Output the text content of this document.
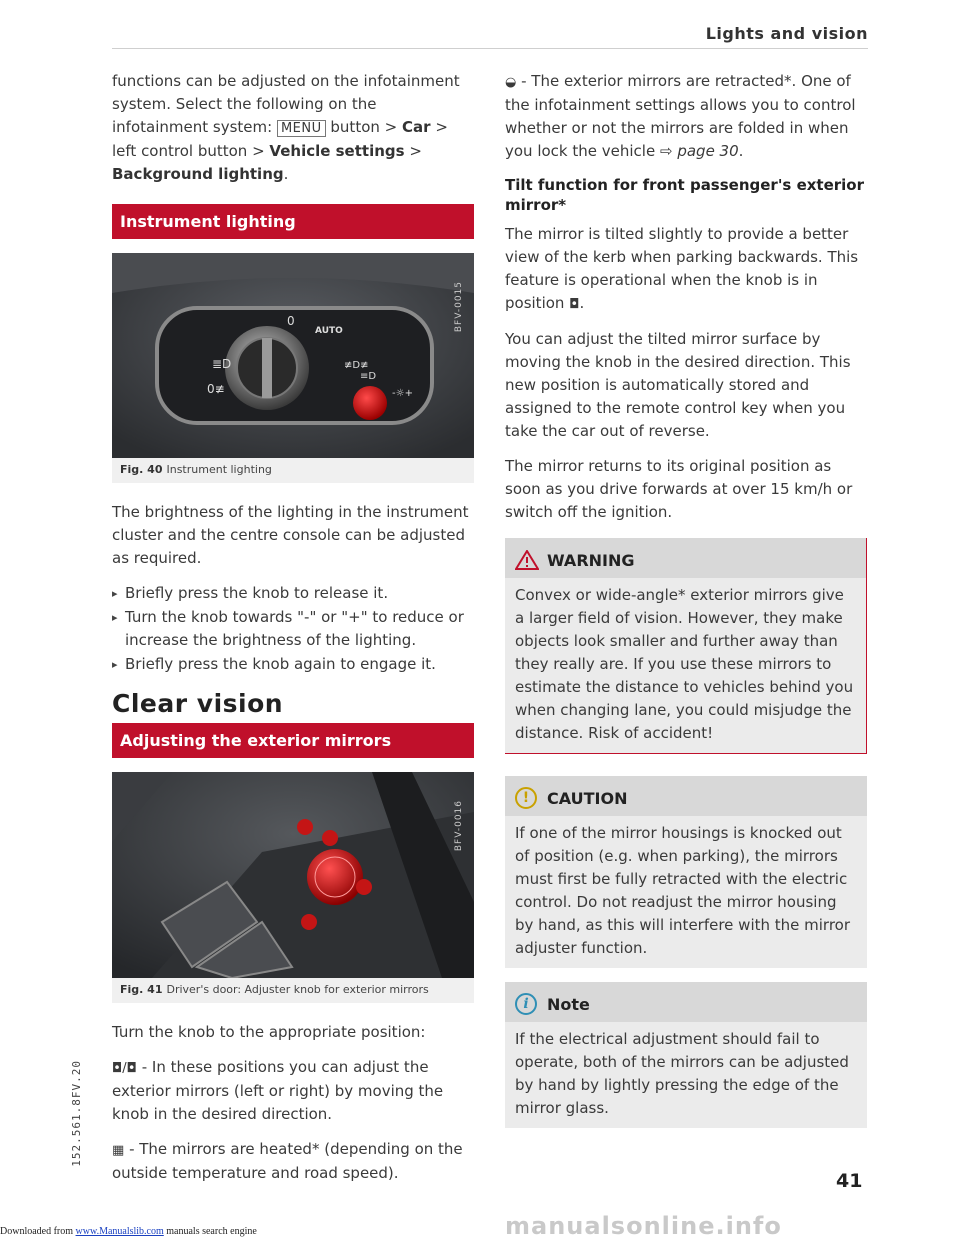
Lights and vision

functions can be adjusted on the infotainment system. Select the following on the infotainment system: MENU button > Car > left control button > Vehicle settings > Background lighting.

Instrument lighting
0
AUTO
≣D
0≢
≢D≢
≡D
-☼+
BFV-0015
Fig. 40 Instrument lighting

The brightness of the lighting in the instrument cluster and the centre console can be adjusted as required.

▸ Briefly press the knob to release it.
▸ Turn the knob towards "-" or "+" to reduce or increase the brightness of the lighting.
▸ Briefly press the knob again to engage it.
Clear vision
Adjusting the exterior mirrors
BFV-0016
Fig. 41 Driver's door: Adjuster knob for exterior mirrors

Turn the knob to the appropriate position:

◘/◘ - In these positions you can adjust the exterior mirrors (left or right) by moving the knob in the desired direction.

▦ - The mirrors are heated* (depending on the outside temperature and road speed).

◒ - The exterior mirrors are retracted*. One of the infotainment settings allows you to control whether or not the mirrors are folded in when you lock the vehicle ⇨ page 30.

Tilt function for front passenger's exterior mirror*

The mirror is tilted slightly to provide a better view of the kerb when parking backwards. This feature is operational when the knob is in position ◘.

You can adjust the tilted mirror surface by moving the knob in the desired direction. This new position is automatically stored and assigned to the remote control key when you take the car out of reverse.

The mirror returns to its original position as soon as you drive forwards at over 15 km/h or switch off the ignition.

WARNING
Convex or wide-angle* exterior mirrors give a larger field of vision. However, they make objects look smaller and further away than they really are. If you use these mirrors to estimate the distance to vehicles behind you when changing lane, you could misjudge the distance. Risk of accident!
!	CAUTION
If one of the mirror housings is knocked out of position (e.g. when parking), the mirrors must first be fully retracted with the electric control. Do not readjust the mirror housing by hand, as this will interfere with the mirror adjuster function.
i	Note
If the electrical adjustment should fail to operate, both of the mirrors can be adjusted by hand by lightly pressing the edge of the mirror glass.
152.561.8FV.20
41
manualsonline.info
Downloaded from www.Manualslib.com manuals search engine
